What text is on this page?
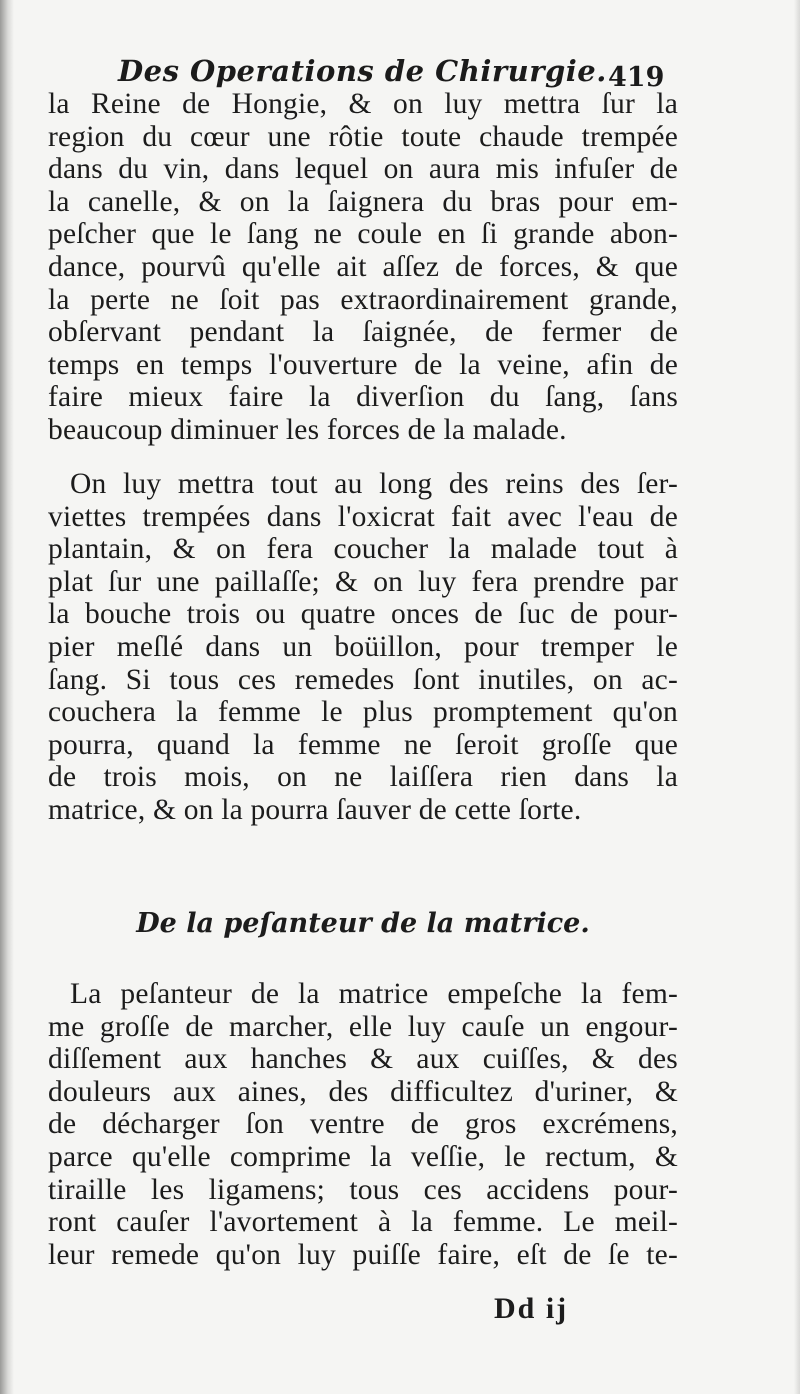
Des Operations de Chirurgie. 419
la Reine de Hongie, & on luy mettra ſur la
region du cœur une rôtie toute chaude trempée
dans du vin, dans lequel on aura mis infuſer de
la canelle, & on la ſaignera du bras pour em-
peſcher que le ſang ne coule en ſi grande abon-
dance, pourvû qu'elle ait aſſez de forces, & que
la perte ne ſoit pas extraordinairement grande,
obſervant pendant la ſaignée, de fermer de
temps en temps l'ouverture de la veine, afin de
faire mieux faire la diverſion du ſang, ſans
beaucoup diminuer les forces de la malade.
On luy mettra tout au long des reins des ſer-
viettes trempées dans l'oxicrat fait avec l'eau de
plantain, & on fera coucher la malade tout à
plat ſur une paillaſſe; & on luy fera prendre par
la bouche trois ou quatre onces de ſuc de pour-
pier meſlé dans un boüillon, pour tremper le
ſang. Si tous ces remedes ſont inutiles, on ac-
couchera la femme le plus promptement qu'on
pourra, quand la femme ne ſeroit groſſe que
de trois mois, on ne laiſſera rien dans la
matrice, & on la pourra ſauver de cette ſorte.
De la peſanteur de la matrice.
La peſanteur de la matrice empeſche la fem-
me groſſe de marcher, elle luy cauſe un engour-
diſſement aux hanches & aux cuiſſes, & des
douleurs aux aines, des difficultez d'uriner, &
de décharger ſon ventre de gros excrémens,
parce qu'elle comprime la veſſie, le rectum, &
tiraille les ligamens; tous ces accidens pour-
ront cauſer l'avortement à la femme. Le meil-
leur remede qu'on luy puiſſe faire, eſt de ſe te-
Dd ij
